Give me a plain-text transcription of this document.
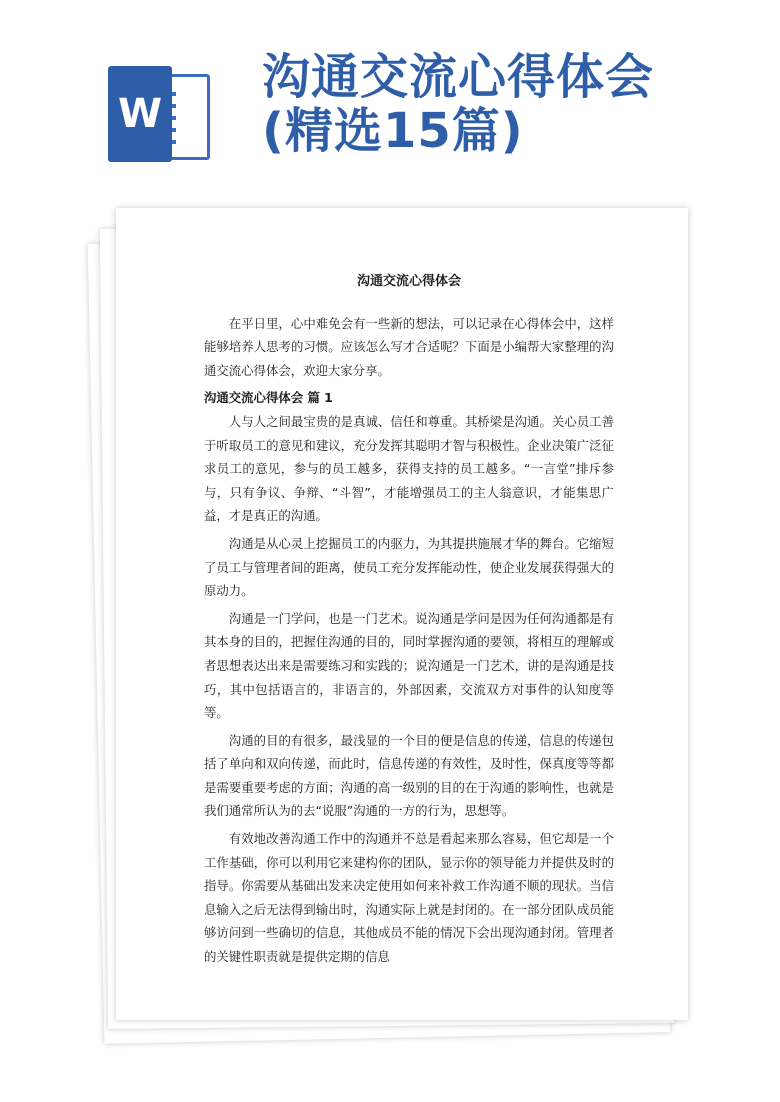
W
沟通交流心得体会
(精选15篇)

沟通交流心得体会

在平日里，心中难免会有一些新的想法，可以记录在心得体会中，这样能够培养人思考的习惯。应该怎么写才合适呢？下面是小编帮大家整理的沟通交流心得体会，欢迎大家分享。

沟通交流心得体会 篇 1

人与人之间最宝贵的是真诚、信任和尊重。其桥梁是沟通。关心员工善于听取员工的意见和建议，充分发挥其聪明才智与积极性。企业决策广泛征求员工的意见，参与的员工越多，获得支持的员工越多。“一言堂”排斥参与，只有争议、争辩、“斗智”，才能增强员工的主人翁意识，才能集思广益，才是真正的沟通。

沟通是从心灵上挖掘员工的内驱力，为其提拱施展才华的舞台。它缩短了员工与管理者间的距离，使员工充分发挥能动性，使企业发展获得强大的原动力。

沟通是一门学问，也是一门艺术。说沟通是学问是因为任何沟通都是有其本身的目的，把握住沟通的目的，同时掌握沟通的要领，将相互的理解或者思想表达出来是需要练习和实践的；说沟通是一门艺术，讲的是沟通是技巧，其中包括语言的，非语言的，外部因素，交流双方对事件的认知度等等。

沟通的目的有很多，最浅显的一个目的便是信息的传递，信息的传递包括了单向和双向传递，而此时，信息传递的有效性，及时性，保真度等等都是需要重要考虑的方面；沟通的高一级别的目的在于沟通的影响性，也就是我们通常所认为的去“说服”沟通的一方的行为，思想等。

有效地改善沟通工作中的沟通并不总是看起来那么容易，但它却是一个工作基础，你可以利用它来建构你的团队，显示你的领导能力并提供及时的指导。你需要从基础出发来决定使用如何来补救工作沟通不顺的现状。当信息输入之后无法得到输出时，沟通实际上就是封闭的。在一部分团队成员能够访问到一些确切的信息，其他成员不能的情况下会出现沟通封闭。管理者的关键性职责就是提供定期的信息
